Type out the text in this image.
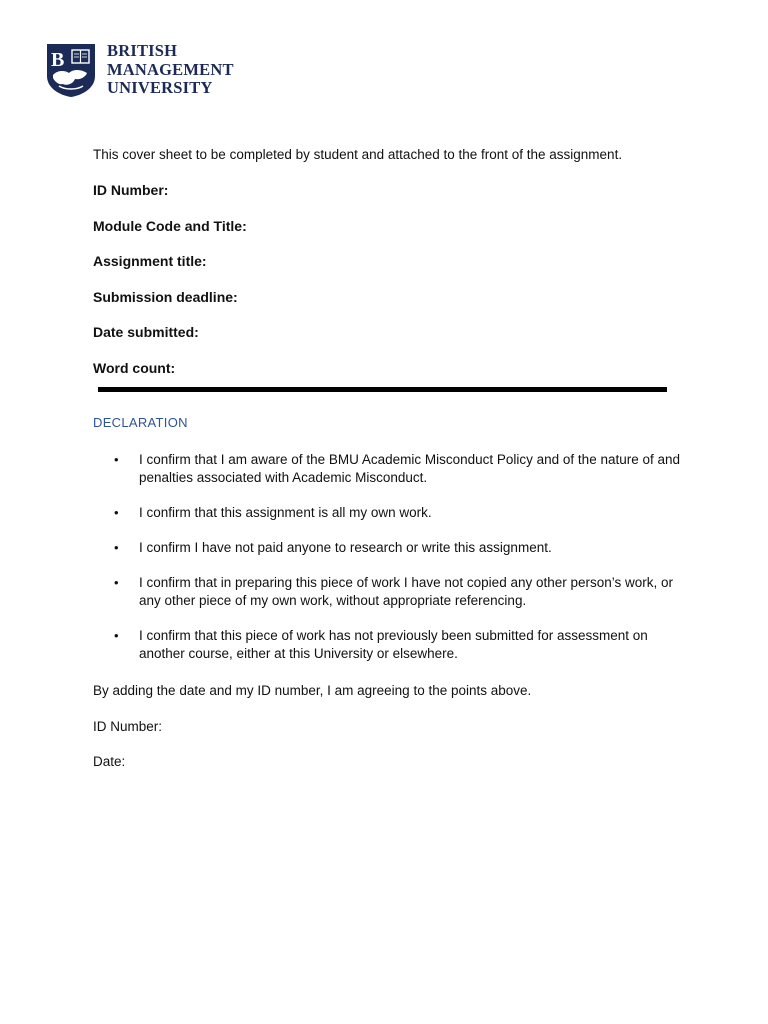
B	BRITISH
MANAGEMENT
UNIVERSITY

This cover sheet to be completed by student and attached to the front of the assignment.

ID Number:
Module Code and Title:
Assignment title:
Submission deadline:
Date submitted:
Word count:
DECLARATION
• I confirm that I am aware of the BMU Academic Misconduct Policy and of the nature of and penalties associated with Academic Misconduct.
• I confirm that this assignment is all my own work.
• I confirm I have not paid anyone to research or write this assignment.
• I confirm that in preparing this piece of work I have not copied any other person’s work, or any other piece of my own work, without appropriate referencing.
• I confirm that this piece of work has not previously been submitted for assessment on another course, either at this University or elsewhere.
By adding the date and my ID number, I am agreeing to the points above.
ID Number:
Date:
